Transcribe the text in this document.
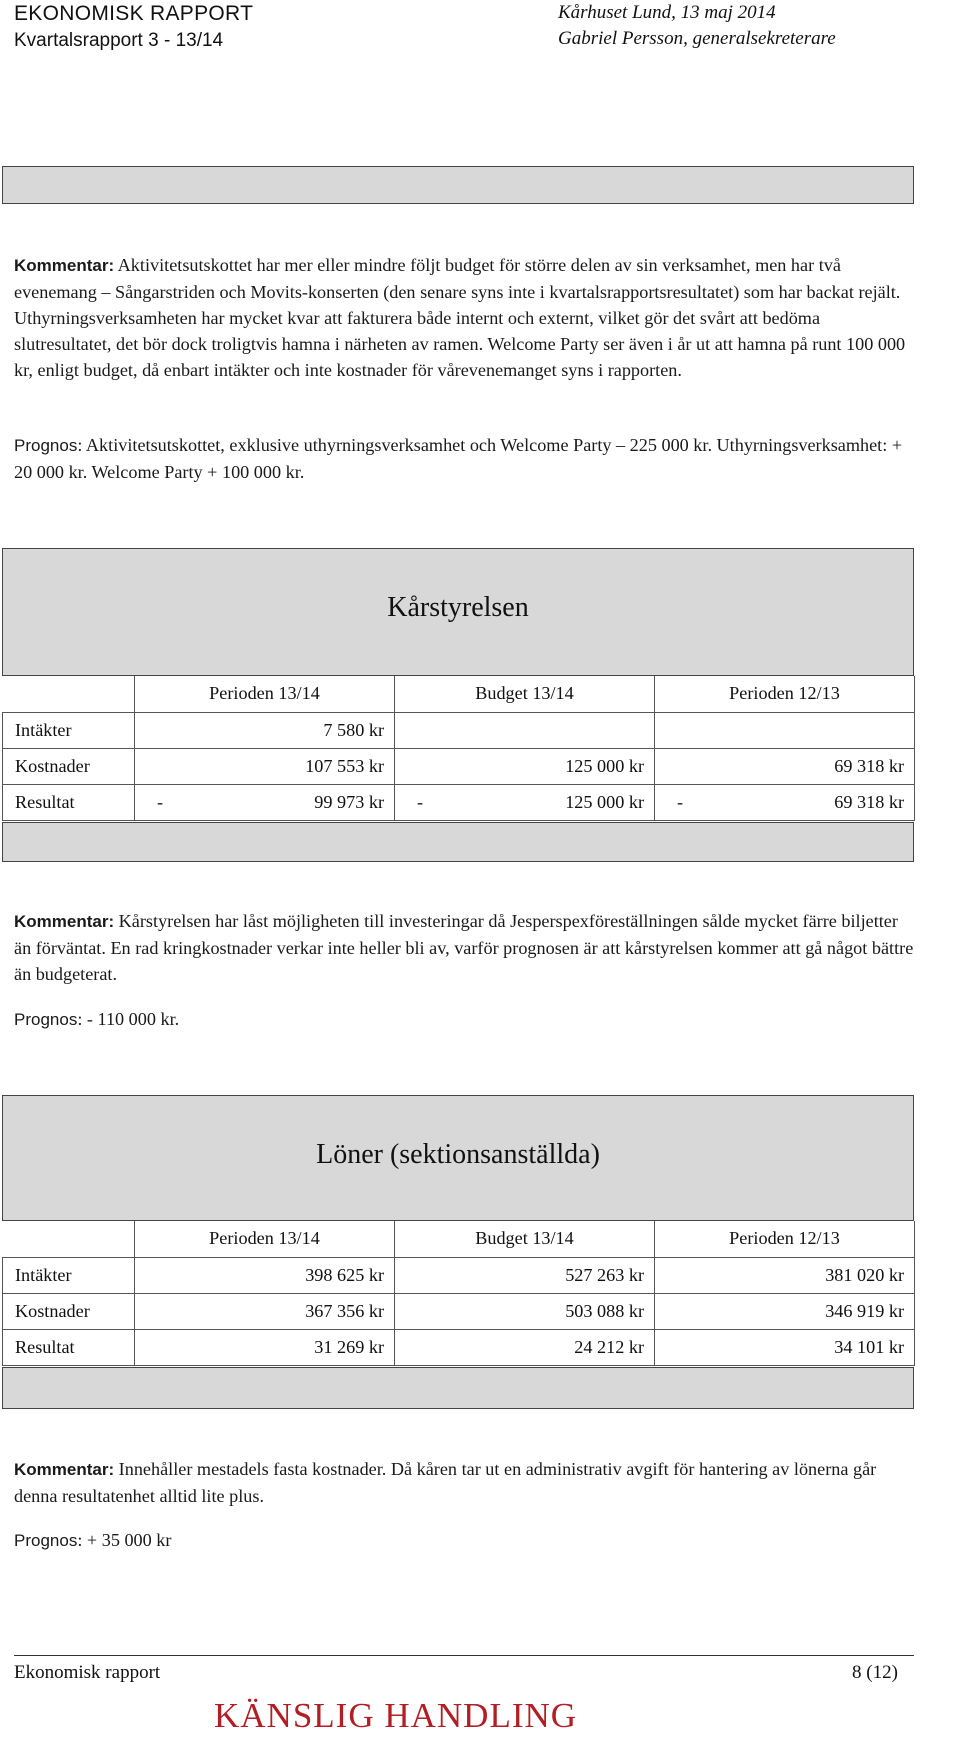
EKONOMISK RAPPORT
Kvartalsrapport 3 - 13/14
Kårhuset Lund, 13 maj 2014
Gabriel Persson, generalsekreterare

Kommentar: Aktivitetsutskottet har mer eller mindre följt budget för större delen av sin verksamhet, men har två evenemang – Sångarstriden och Movits-konserten (den senare syns inte i kvartalsrapportsresultatet) som har backat rejält. Uthyrningsverksamheten har mycket kvar att fakturera både internt och externt, vilket gör det svårt att bedöma slutresultatet, det bör dock troligtvis hamna i närheten av ramen. Welcome Party ser även i år ut att hamna på runt 100 000 kr, enligt budget, då enbart intäkter och inte kostnader för vårevenemanget syns i rapporten.

Prognos: Aktivitetsutskottet, exklusive uthyrningsverksamhet och Welcome Party – 225 000 kr. Uthyrningsverksamhet: + 20 000 kr. Welcome Party + 100 000 kr.

Kårstyrelsen
	Perioden 13/14	Budget 13/14	Perioden 12/13
Intäkter	7 580 kr		
Kostnader	107 553 kr	125 000 kr	69 318 kr
Resultat	- 99 973 kr	- 125 000 kr	- 69 318 kr

Kommentar: Kårstyrelsen har låst möjligheten till investeringar då Jesperspexföreställningen sålde mycket färre biljetter än förväntat. En rad kringkostnader verkar inte heller bli av, varför prognosen är att kårstyrelsen kommer att gå något bättre än budgeterat.

Prognos: - 110 000 kr.

Löner (sektionsanställda)
	Perioden 13/14	Budget 13/14	Perioden 12/13
Intäkter	398 625 kr	527 263 kr	381 020 kr
Kostnader	367 356 kr	503 088 kr	346 919 kr
Resultat	31 269 kr	24 212 kr	34 101 kr

Kommentar: Innehåller mestadels fasta kostnader. Då kåren tar ut en administrativ avgift för hantering av lönerna går denna resultatenhet alltid lite plus.

Prognos: + 35 000 kr

Ekonomisk rapport	8 (12)
KÄNSLIG HANDLING
